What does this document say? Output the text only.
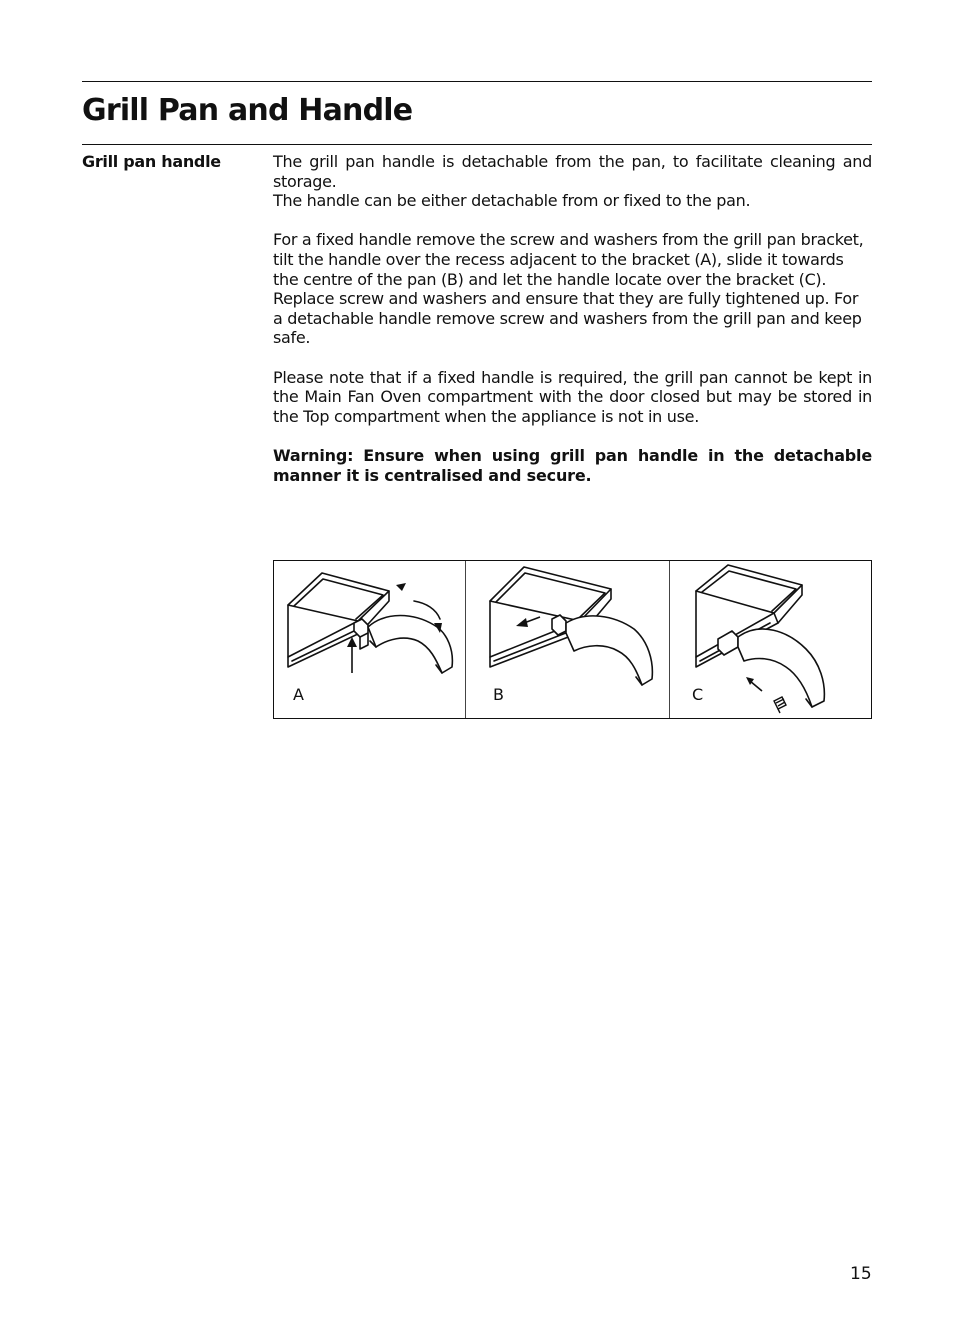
Grill Pan and Handle
Grill pan handle	The grill pan handle is detachable from the pan, to facilitate cleaning and storage.
The handle can be either detachable from or fixed to the pan.

For a fixed handle remove the screw and washers from the grill pan bracket, tilt the handle over the recess adjacent to the bracket (A), slide it towards the centre of the pan (B) and let the handle locate over the bracket (C). Replace screw and washers and ensure that they are fully tightened up. For a detachable handle remove screw and washers from the grill pan and keep safe.

Please note that if a fixed handle is required, the grill pan cannot be kept in the Main Fan Oven compartment with the door closed but may be stored in the Top compartment when the appliance is not in use.

Warning: Ensure when using grill pan handle in the detachable manner it is centralised and secure.

A	B	C
15
